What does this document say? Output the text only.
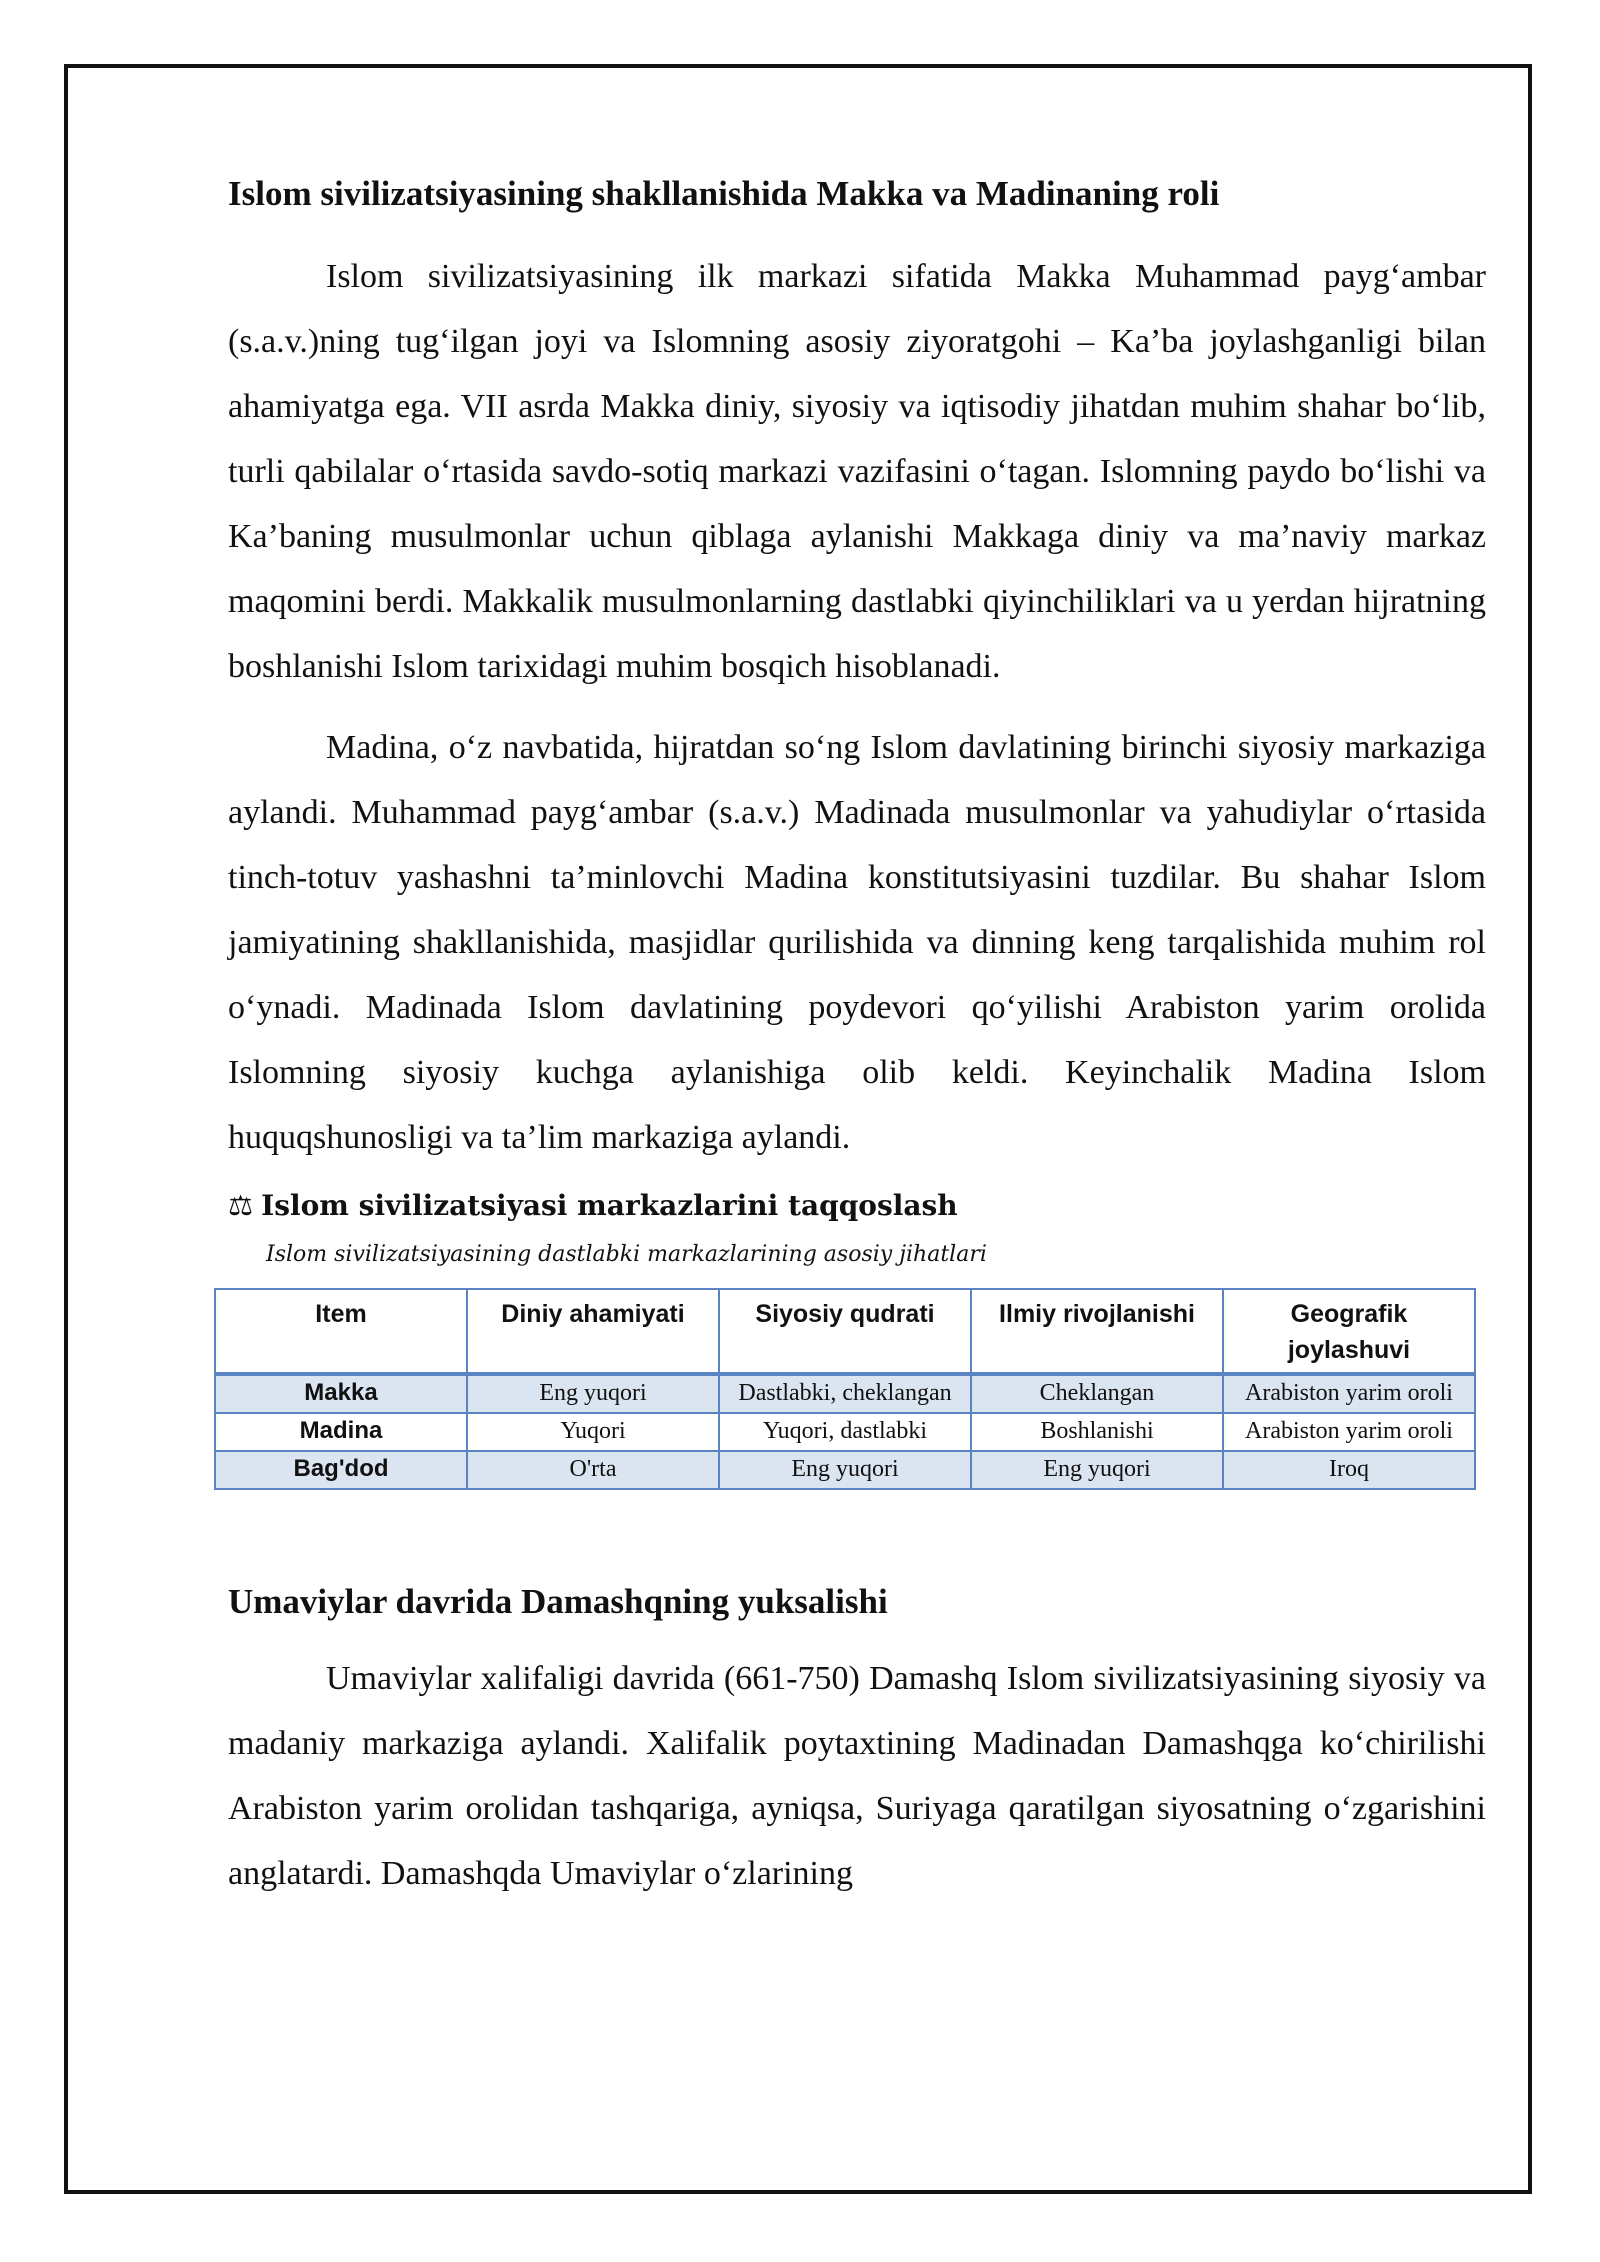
Islom sivilizatsiyasining shakllanishida Makka va Madinaning roli

Islom sivilizatsiyasining ilk markazi sifatida Makka Muhammad payg‘ambar (s.a.v.)ning tug‘ilgan joyi va Islomning asosiy ziyoratgohi – Ka’ba joylashganligi bilan ahamiyatga ega. VII asrda Makka diniy, siyosiy va iqtisodiy jihatdan muhim shahar bo‘lib, turli qabilalar o‘rtasida savdo-sotiq markazi vazifasini o‘tagan. Islomning paydo bo‘lishi va Ka’baning musulmonlar uchun qiblaga aylanishi Makkaga diniy va ma’naviy markaz maqomini berdi. Makkalik musulmonlarning dastlabki qiyinchiliklari va u yerdan hijratning boshlanishi Islom tarixidagi muhim bosqich hisoblanadi.

Madina, o‘z navbatida, hijratdan so‘ng Islom davlatining birinchi siyosiy markaziga aylandi. Muhammad payg‘ambar (s.a.v.) Madinada musulmonlar va yahudiylar o‘rtasida tinch-totuv yashashni ta’minlovchi Madina konstitutsiyasini tuzdilar. Bu shahar Islom jamiyatining shakllanishida, masjidlar qurilishida va dinning keng tarqalishida muhim rol o‘ynadi. Madinada Islom davlatining poydevori qo‘yilishi Arabiston yarim orolida Islomning siyosiy kuchga aylanishiga olib keldi. Keyinchalik Madina Islom huquqshunosligi va ta’lim markaziga aylandi.

⚖ Islom sivilizatsiyasi markazlarini taqqoslash
Islom sivilizatsiyasining dastlabki markazlarining asosiy jihatlari
Item	Diniy ahamiyati	Siyosiy qudrati	Ilmiy rivojlanishi	Geografik joylashuvi
Makka	Eng yuqori	Dastlabki, cheklangan	Cheklangan	Arabiston yarim oroli
Madina	Yuqori	Yuqori, dastlabki	Boshlanishi	Arabiston yarim oroli
Bag'dod	O'rta	Eng yuqori	Eng yuqori	Iroq
Umaviylar davrida Damashqning yuksalishi

Umaviylar xalifaligi davrida (661-750) Damashq Islom sivilizatsiyasining siyosiy va madaniy markaziga aylandi. Xalifalik poytaxtining Madinadan Damashqga ko‘chirilishi Arabiston yarim orolidan tashqariga, ayniqsa, Suriyaga qaratilgan siyosatning o‘zgarishini anglatardi. Damashqda Umaviylar o‘zlarining
